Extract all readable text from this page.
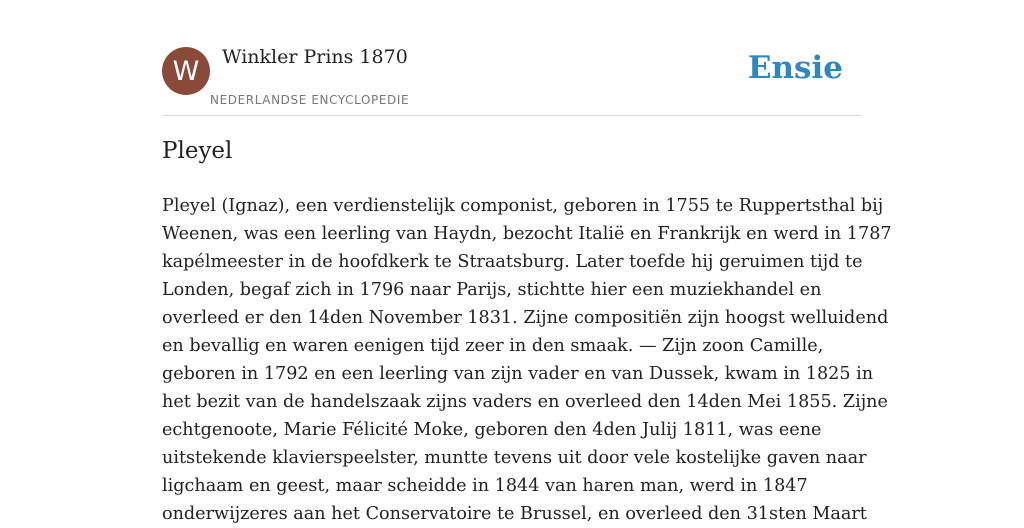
W Winkler Prins 1870
NEDERLANDSE ENCYCLOPEDIE
Ensie
Pleyel

Pleyel (Ignaz), een verdienstelijk componist, geboren in 1755 te Ruppertsthal bij
Weenen, was een leerling van Haydn, bezocht Italië en Frankrijk en werd in 1787
kapélmeester in de hoofdkerk te Straatsburg. Later toefde hij geruimen tijd te
Londen, begaf zich in 1796 naar Parijs, stichtte hier een muziekhandel en
overleed er den 14den November 1831. Zijne compositiën zijn hoogst welluidend
en bevallig en waren eenigen tijd zeer in den smaak. — Zijn zoon Camille,
geboren in 1792 en een leerling van zijn vader en van Dussek, kwam in 1825 in
het bezit van de handelszaak zijns vaders en overleed den 14den Mei 1855. Zijne
echtgenoote, Marie Félicité Moke, geboren den 4den Julij 1811, was eene
uitstekende klavierspeelster, muntte tevens uit door vele kostelijke gaven naar
ligchaam en geest, maar scheidde in 1844 van haren man, werd in 1847
onderwijzeres aan het Conservatoire te Brussel, en overleed den 31sten Maart
